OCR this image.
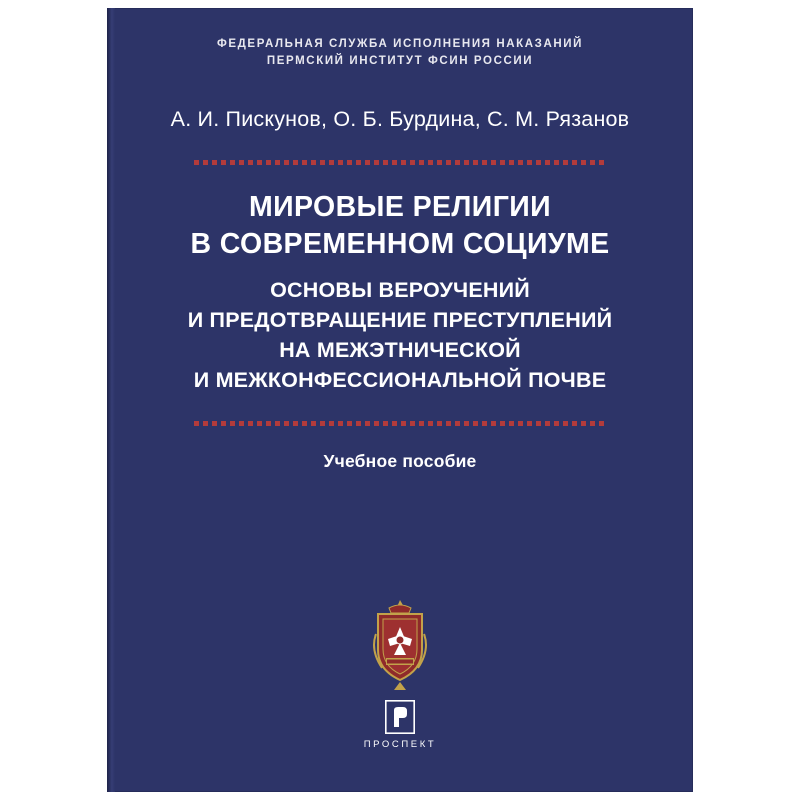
ФЕДЕРАЛЬНАЯ СЛУЖБА ИСПОЛНЕНИЯ НАКАЗАНИЙ
ПЕРМСКИЙ ИНСТИТУТ ФСИН РОССИИ
А. И. Пискунов, О. Б. Бурдина, С. М. Рязанов
МИРОВЫЕ РЕЛИГИИ
В СОВРЕМЕННОМ СОЦИУМЕ
ОСНОВЫ ВЕРОУЧЕНИЙ
И ПРЕДОТВРАЩЕНИЕ ПРЕСТУПЛЕНИЙ
НА МЕЖЭТНИЧЕСКОЙ
И МЕЖКОНФЕССИОНАЛЬНОЙ ПОЧВЕ
Учебное пособие
ПРОСПЕКТ
